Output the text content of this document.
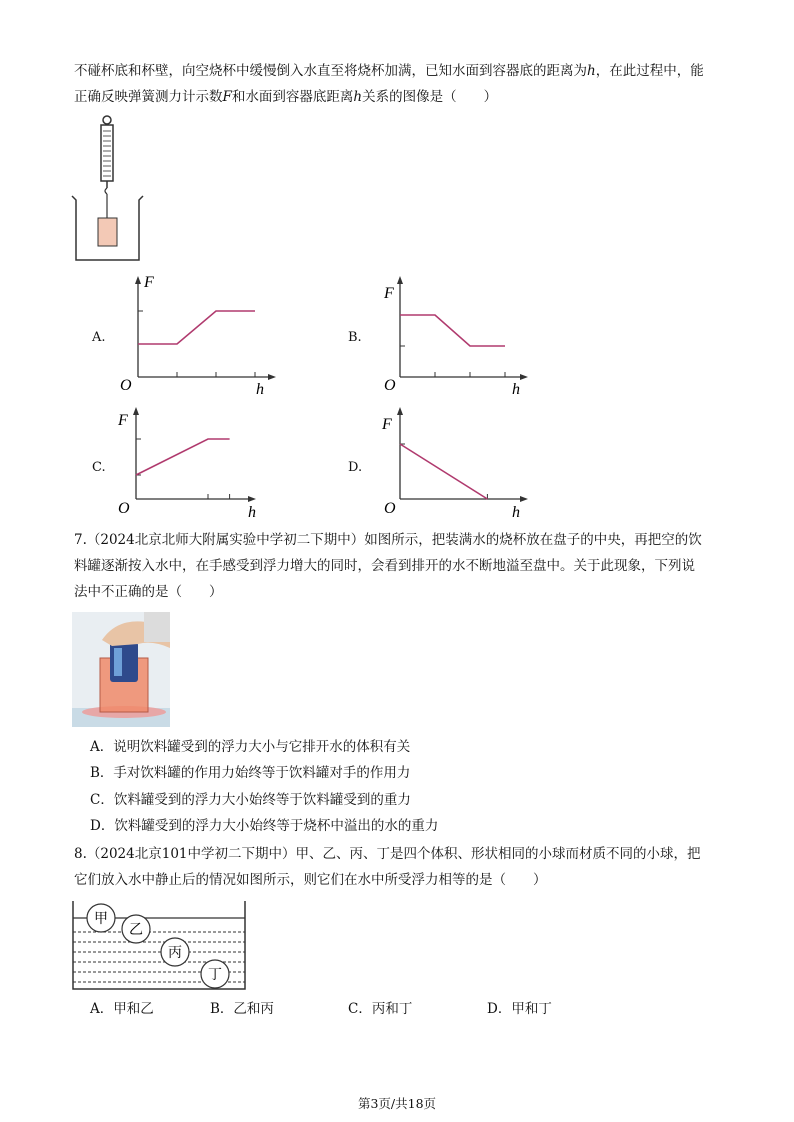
不碰杯底和杯壁，向空烧杯中缓慢倒入水直至将烧杯加满，已知水面到容器底的距离为h，在此过程中，能
正确反映弹簧测力计示数F和水面到容器底距离h关系的图像是（　　）
A.
F
h
O
B.
F
h
O
C.
F
h
O
D.
F
h
O
7.（2024北京北师大附属实验中学初二下期中）如图所示，把装满水的烧杯放在盘子的中央，再把空的饮
料罐逐渐按入水中，在手感受到浮力增大的同时，会看到排开的水不断地溢至盘中。关于此现象，下列说
法中不正确的是（　　）
A．说明饮料罐受到的浮力大小与它排开水的体积有关
B．手对饮料罐的作用力始终等于饮料罐对手的作用力
C．饮料罐受到的浮力大小始终等于饮料罐受到的重力
D．饮料罐受到的浮力大小始终等于烧杯中溢出的水的重力
8.（2024北京101中学初二下期中）甲、乙、丙、丁是四个体积、形状相同的小球而材质不同的小球，把
它们放入水中静止后的情况如图所示，则它们在水中所受浮力相等的是（　　）
甲
乙
丙
丁
A．甲和乙	B．乙和丙	C．丙和丁	D．甲和丁
第3页/共18页
